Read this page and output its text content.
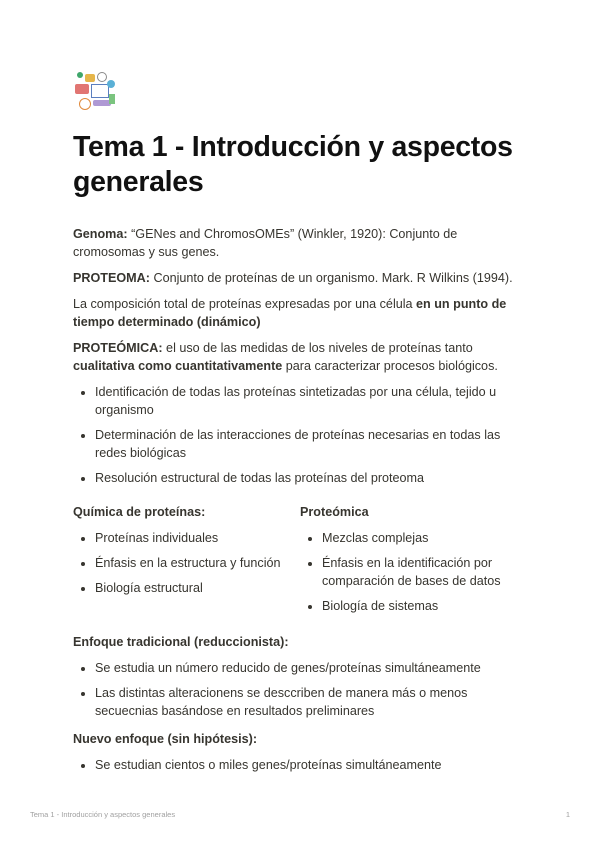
Tema 1 - Introducción y aspectos generales

Genoma: “GENes and ChromosOMEs” (Winkler, 1920): Conjunto de cromosomas y sus genes.

PROTEOMA: Conjunto de proteínas de un organismo. Mark. R Wilkins (1994).

La composición total de proteínas expresadas por una célula en un punto de tiempo determinado (dinámico)

PROTEÓMICA: el uso de las medidas de los niveles de proteínas tanto cualitativa como cuantitativamente para caracterizar procesos biológicos.

• Identificación de todas las proteínas sintetizadas por una célula, tejido u organismo
• Determinación de las interacciones de proteínas necesarias en todas las redes biológicas
• Resolución estructural de todas las proteínas del proteoma
Química de proteínas:
• Proteínas individuales
• Énfasis en la estructura y función
• Biología estructural
Proteómica
• Mezclas complejas
• Énfasis en la identificación por comparación de bases de datos
• Biología de sistemas
Enfoque tradicional (reduccionista):
• Se estudia un número reducido de genes/proteínas simultáneamente
• Las distintas alteracionens se desccriben de manera más o menos secuecnias basándose en resultados preliminares
Nuevo enfoque (sin hipótesis):
• Se estudian cientos o miles genes/proteínas simultáneamente
Tema 1 - Introducción y aspectos generales	1
